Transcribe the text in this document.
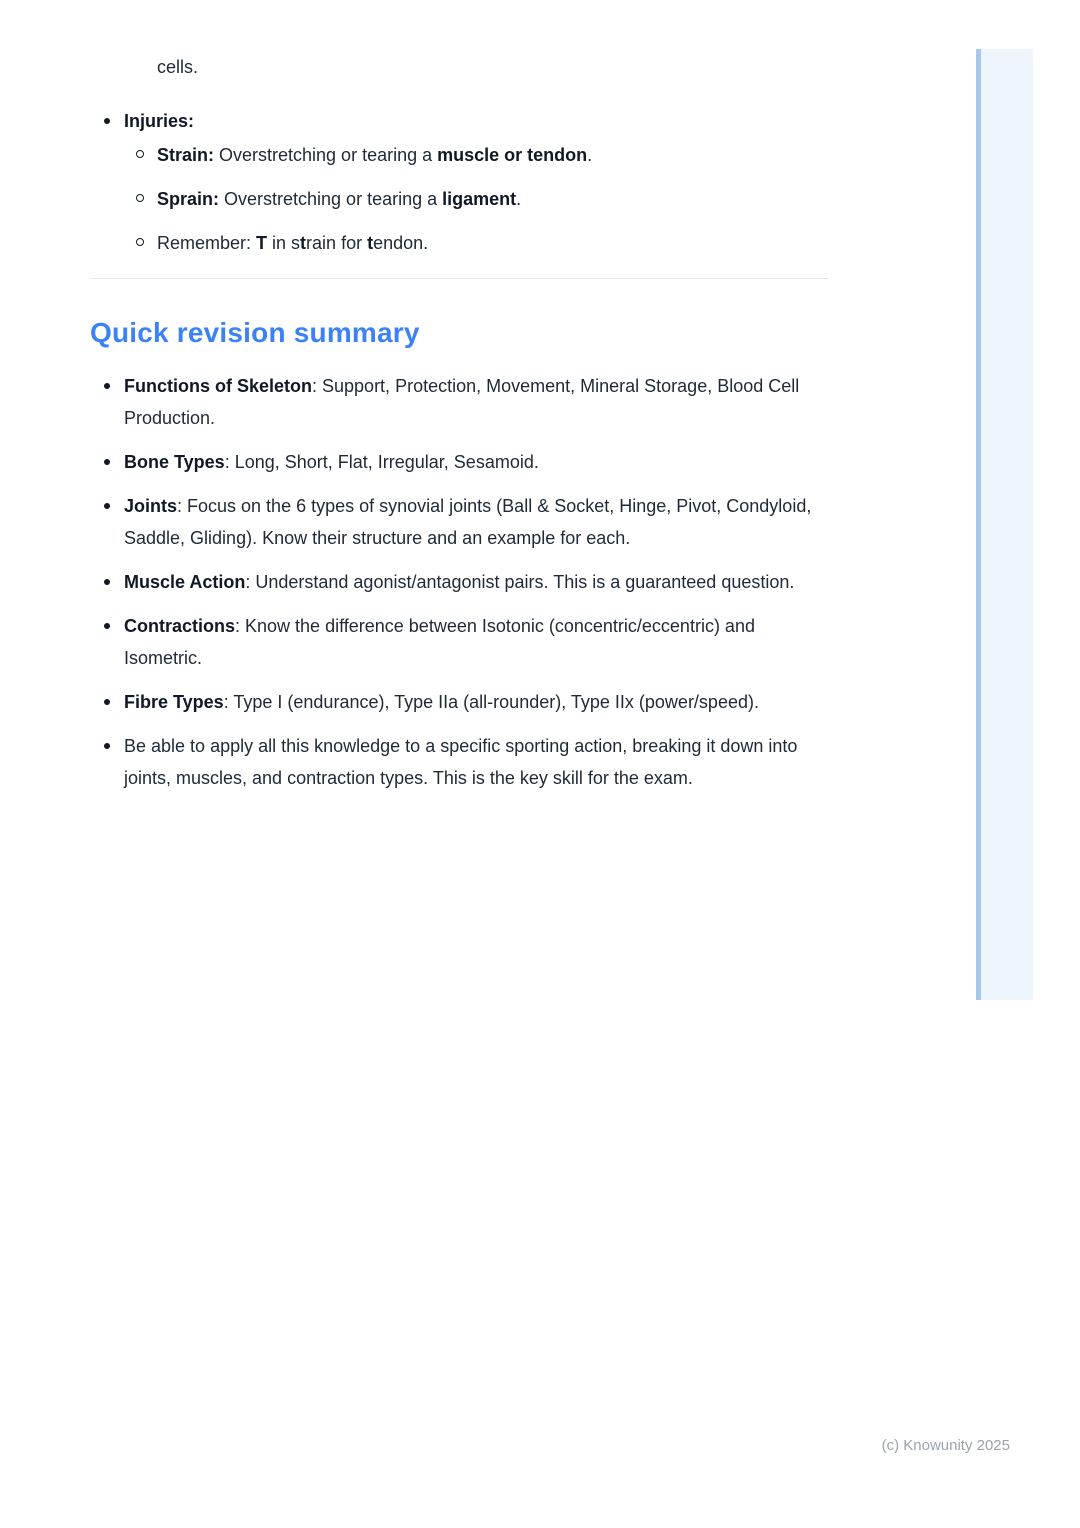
cells.

Injuries:
Strain: Overstretching or tearing a muscle or tendon.
Sprain: Overstretching or tearing a ligament.
Remember: T in strain for tendon.
Quick revision summary
Functions of Skeleton: Support, Protection, Movement, Mineral Storage, Blood Cell Production.
Bone Types: Long, Short, Flat, Irregular, Sesamoid.
Joints: Focus on the 6 types of synovial joints (Ball & Socket, Hinge, Pivot, Condyloid, Saddle, Gliding). Know their structure and an example for each.
Muscle Action: Understand agonist/antagonist pairs. This is a guaranteed question.
Contractions: Know the difference between Isotonic (concentric/eccentric) and Isometric.
Fibre Types: Type I (endurance), Type IIa (all-rounder), Type IIx (power/speed).
Be able to apply all this knowledge to a specific sporting action, breaking it down into joints, muscles, and contraction types. This is the key skill for the exam.
(c) Knowunity 2025
